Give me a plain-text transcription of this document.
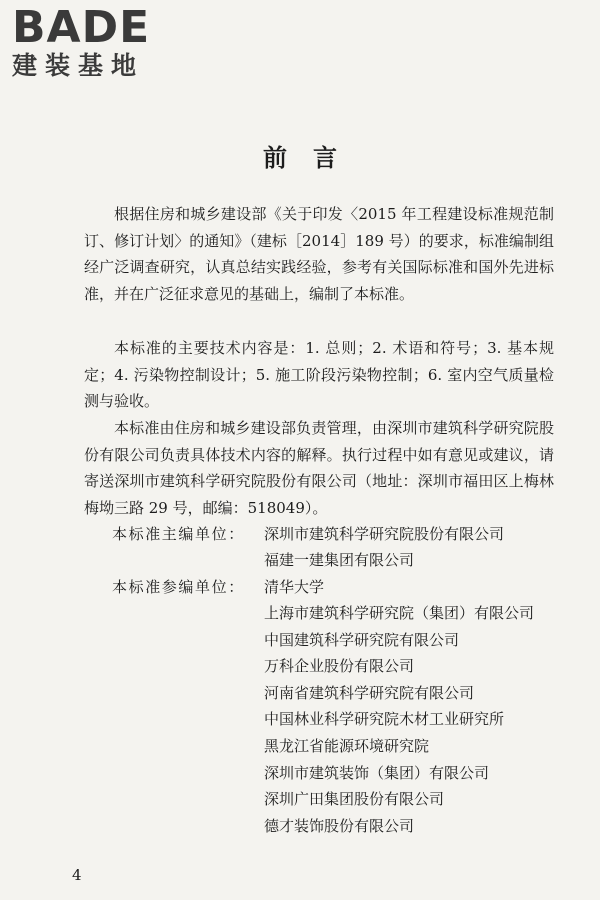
BADE
建装基地
前言

根据住房和城乡建设部《关于印发〈2015 年工程建设标准规范制订、修订计划〉的通知》（建标［2014］189 号）的要求，标准编制组经广泛调查研究，认真总结实践经验，参考有关国际标准和国外先进标准，并在广泛征求意见的基础上，编制了本标准。

本标准的主要技术内容是：1. 总则；2. 术语和符号；3. 基本规定；4. 污染物控制设计；5. 施工阶段污染物控制；6. 室内空气质量检测与验收。

本标准由住房和城乡建设部负责管理，由深圳市建筑科学研究院股份有限公司负责具体技术内容的解释。执行过程中如有意见或建议，请寄送深圳市建筑科学研究院股份有限公司（地址：深圳市福田区上梅林梅坳三路 29 号，邮编：518049）。

本标准主编单位： 深圳市建筑科学研究院股份有限公司
福建一建集团有限公司
本标准参编单位： 清华大学
上海市建筑科学研究院（集团）有限公司
中国建筑科学研究院有限公司
万科企业股份有限公司
河南省建筑科学研究院有限公司
中国林业科学研究院木材工业研究所
黑龙江省能源环境研究院
深圳市建筑装饰（集团）有限公司
深圳广田集团股份有限公司
德才装饰股份有限公司
4
